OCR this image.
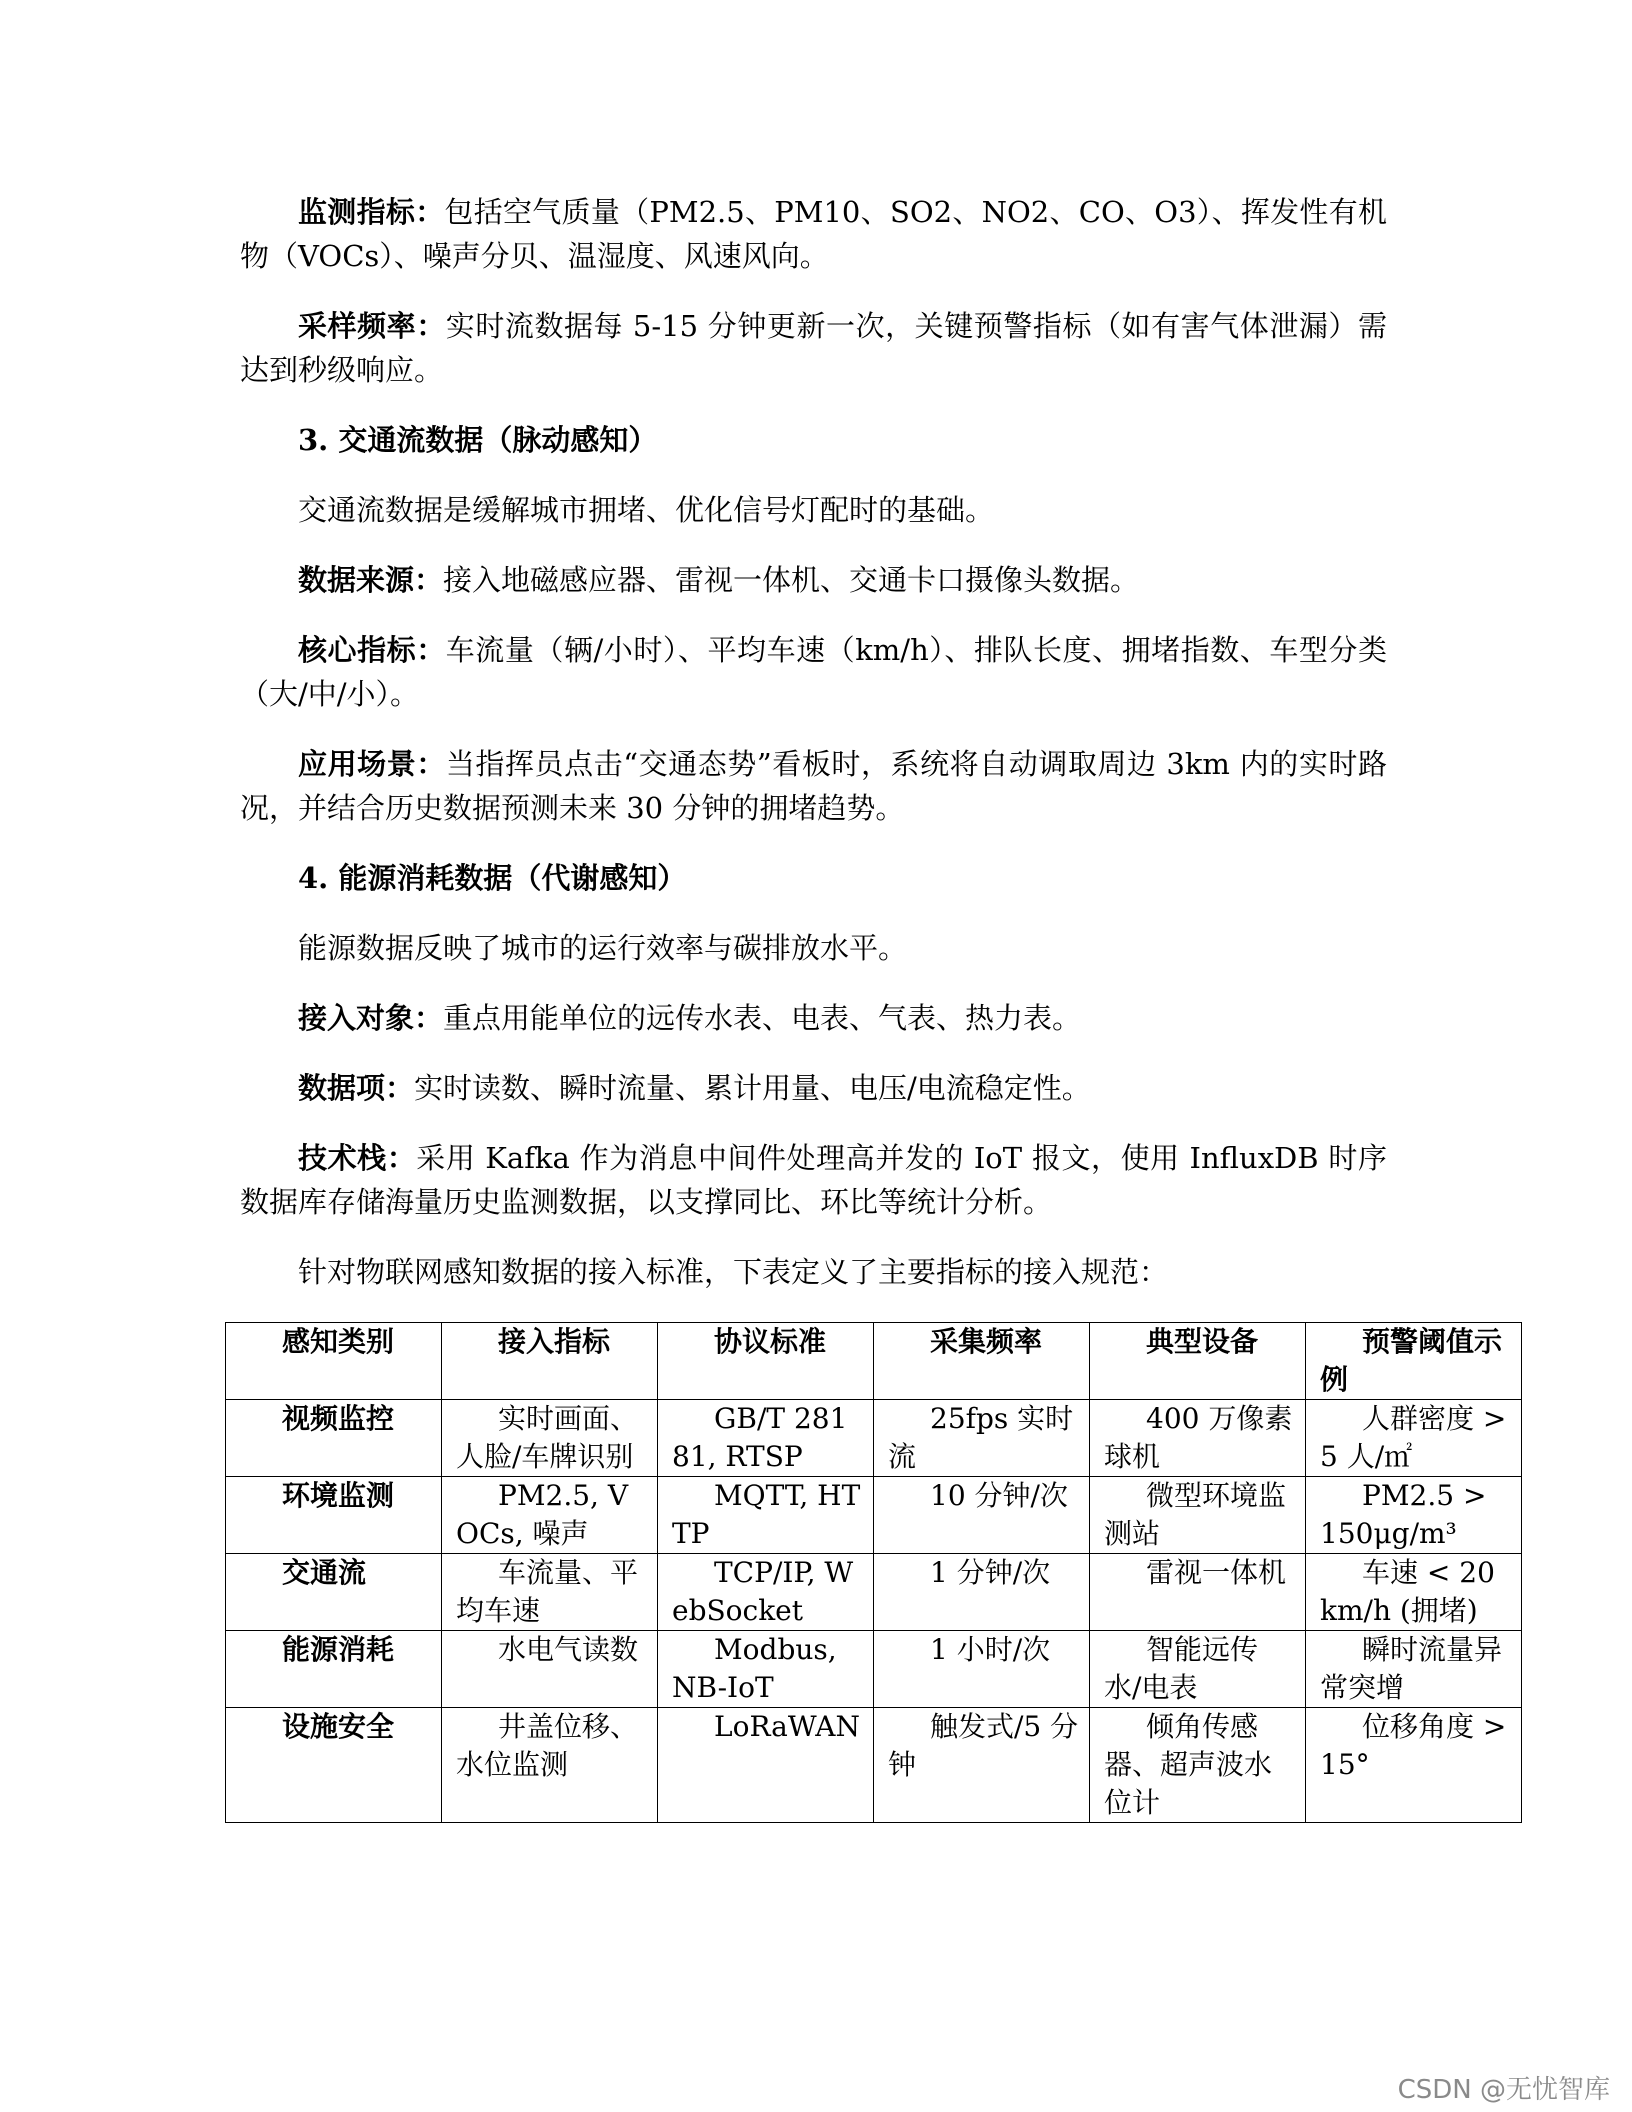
监测指标：包括空气质量（PM2.5、PM10、SO2、NO2、CO、O3）、挥发性有机物（VOCs）、噪声分贝、温湿度、风速风向。

采样频率：实时流数据每 5-15 分钟更新一次，关键预警指标（如有害气体泄漏）需达到秒级响应。

3. 交通流数据（脉动感知）

交通流数据是缓解城市拥堵、优化信号灯配时的基础。

数据来源：接入地磁感应器、雷视一体机、交通卡口摄像头数据。

核心指标：车流量（辆/小时）、平均车速（km/h）、排队长度、拥堵指数、车型分类（大/中/小）。

应用场景：当指挥员点击“交通态势”看板时，系统将自动调取周边 3km 内的实时路况，并结合历史数据预测未来 30 分钟的拥堵趋势。

4. 能源消耗数据（代谢感知）

能源数据反映了城市的运行效率与碳排放水平。

接入对象：重点用能单位的远传水表、电表、气表、热力表。

数据项：实时读数、瞬时流量、累计用量、电压/电流稳定性。

技术栈：采用 Kafka 作为消息中间件处理高并发的 IoT 报文，使用 InfluxDB 时序数据库存储海量历史监测数据，以支撑同比、环比等统计分析。

针对物联网感知数据的接入标准，下表定义了主要指标的接入规范：

感知类别	接入指标	协议标准	采集频率	典型设备	预警阈值示例
视频监控	实时画面、人脸/车牌识别	GB/T 28181, RTSP	25fps 实时流	400 万像素球机	人群密度 > 5 人/㎡
环境监测	PM2.5, VOCs, 噪声	MQTT, HTTP	10 分钟/次	微型环境监测站	PM2.5 > 150μg/m³
交通流	车流量、平均车速	TCP/IP, WebSocket	1 分钟/次	雷视一体机	车速 < 20km/h (拥堵)
能源消耗	水电气读数	Modbus, NB-IoT	1 小时/次	智能远传水/电表	瞬时流量异常突增
设施安全	井盖位移、水位监测	LoRaWAN	触发式/5 分钟	倾角传感器、超声波水位计	位移角度 > 15°
CSDN @无忧智库
